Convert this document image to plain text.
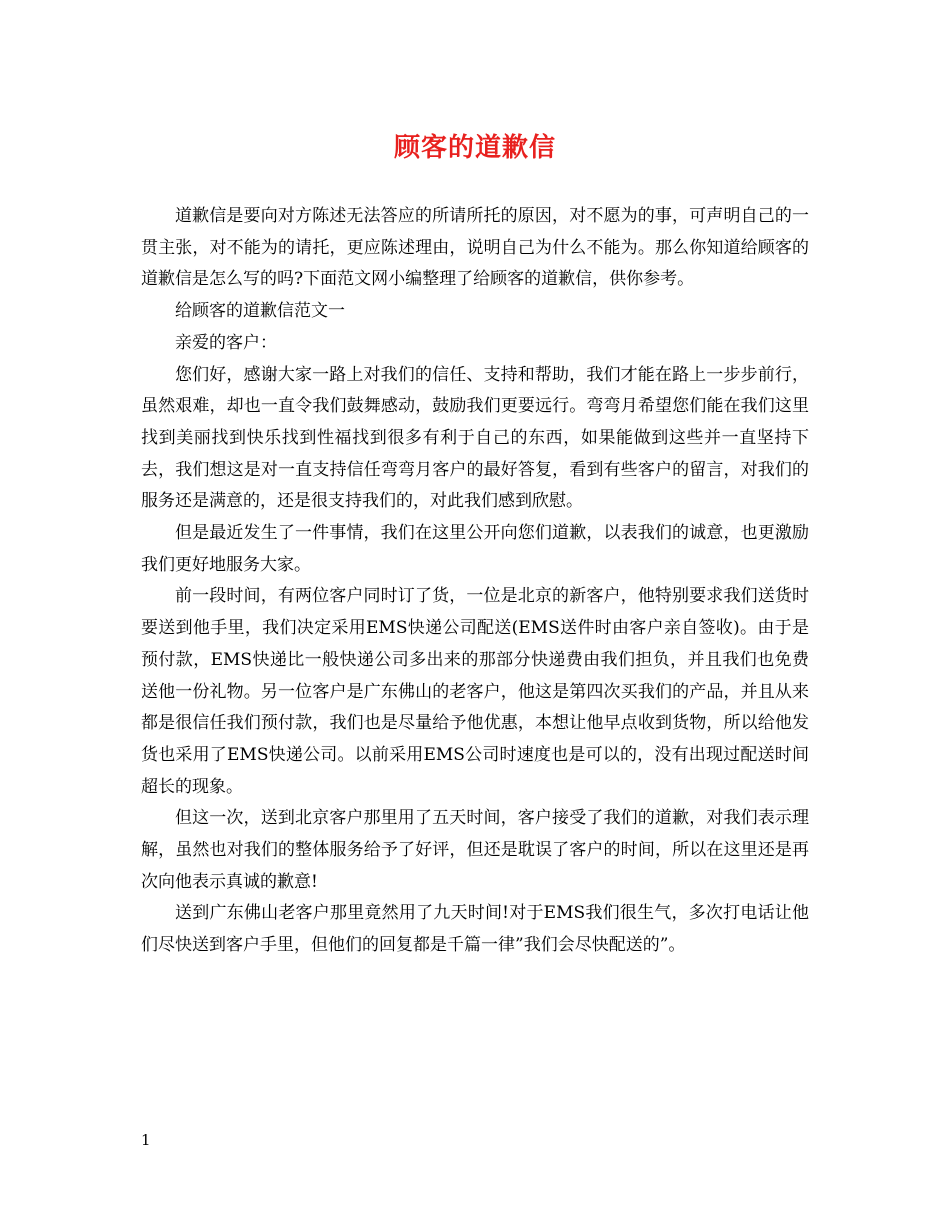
顾客的道歉信

道歉信是要向对方陈述无法答应的所请所托的原因，对不愿为的事，可声明自己的一贯主张，对不能为的请托，更应陈述理由，说明自己为什么不能为。那么你知道给顾客的道歉信是怎么写的吗?下面范文网小编整理了给顾客的道歉信，供你参考。

给顾客的道歉信范文一

亲爱的客户：

您们好，感谢大家一路上对我们的信任、支持和帮助，我们才能在路上一步步前行，虽然艰难，却也一直令我们鼓舞感动，鼓励我们更要远行。弯弯月希望您们能在我们这里找到美丽找到快乐找到性福找到很多有利于自己的东西，如果能做到这些并一直坚持下去，我们想这是对一直支持信任弯弯月客户的最好答复，看到有些客户的留言，对我们的服务还是满意的，还是很支持我们的，对此我们感到欣慰。

但是最近发生了一件事情，我们在这里公开向您们道歉，以表我们的诚意，也更激励我们更好地服务大家。

前一段时间，有两位客户同时订了货，一位是北京的新客户，他特别要求我们送货时要送到他手里，我们决定采用EMS快递公司配送(EMS送件时由客户亲自签收)。由于是预付款，EMS快递比一般快递公司多出来的那部分快递费由我们担负，并且我们也免费送他一份礼物。另一位客户是广东佛山的老客户，他这是第四次买我们的产品，并且从来都是很信任我们预付款，我们也是尽量给予他优惠，本想让他早点收到货物，所以给他发货也采用了EMS快递公司。以前采用EMS公司时速度也是可以的，没有出现过配送时间超长的现象。

但这一次，送到北京客户那里用了五天时间，客户接受了我们的道歉，对我们表示理解，虽然也对我们的整体服务给予了好评，但还是耽误了客户的时间，所以在这里还是再次向他表示真诚的歉意!

送到广东佛山老客户那里竟然用了九天时间!对于EMS我们很生气，多次打电话让他们尽快送到客户手里，但他们的回复都是千篇一律”我们会尽快配送的”。

1
